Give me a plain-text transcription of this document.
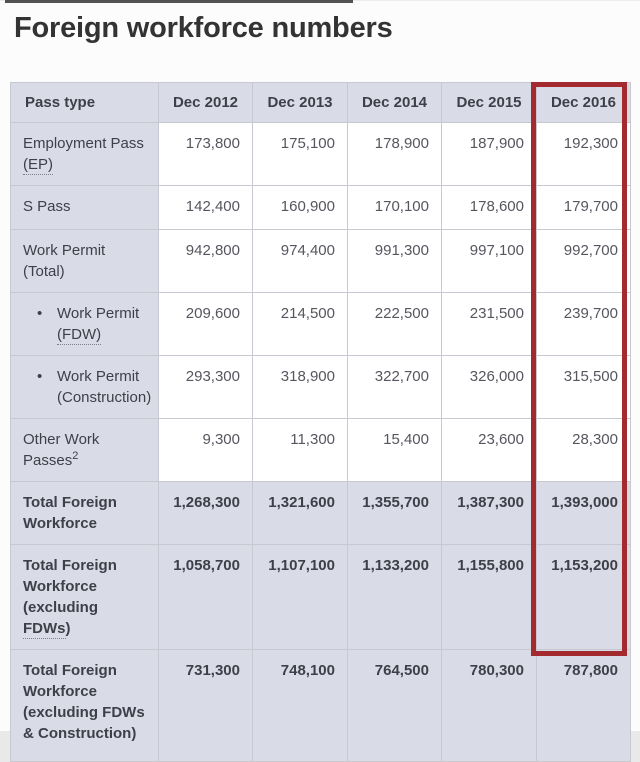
Foreign workforce numbers
Pass type	Dec 2012	Dec 2013	Dec 2014	Dec 2015	Dec 2016

Employment Pass
(EP)	173,800	175,100	178,900	187,900	192,300

S Pass	142,400	160,900	170,100	178,600	179,700

Work Permit
(Total)	942,800	974,400	991,300	997,100	992,700

• Work Permit
(FDW)	209,600	214,500	222,500	231,500	239,700

• Work Permit
(Construction)	293,300	318,900	322,700	326,000	315,500

Other Work
Passes$^2$	9,300	11,300	15,400	23,600	28,300

Total Foreign
Workforce	1,268,300	1,321,600	1,355,700	1,387,300	1,393,000

Total Foreign
Workforce
(excluding FDWs)	1,058,700	1,107,100	1,133,200	1,155,800	1,153,200

Total Foreign
Workforce
(excluding FDWs
& Construction)	731,300	748,100	764,500	780,300	787,800
